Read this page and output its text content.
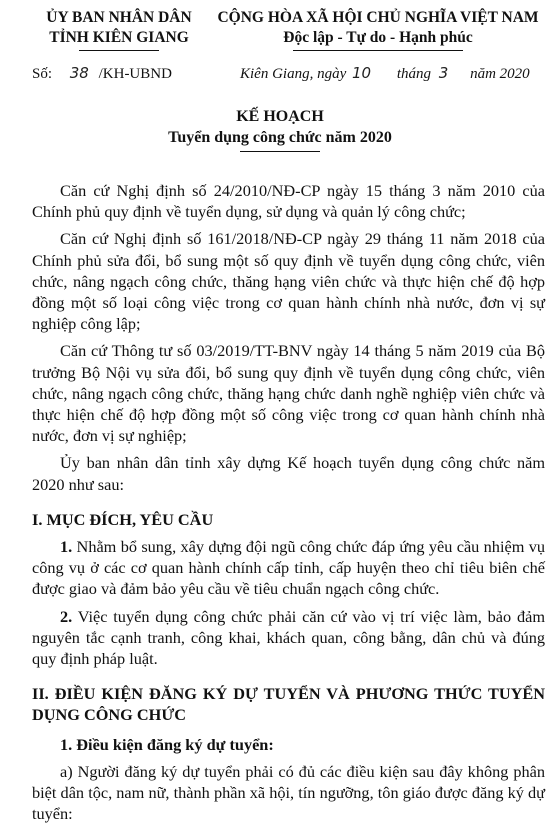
ỦY BAN NHÂN DÂN
TỈNH KIÊN GIANG
CỘNG HÒA XÃ HỘI CHỦ NGHĨA VIỆT NAM
Độc lập - Tự do - Hạnh phúc
Số: 38 /KH-UBND	Kiên Giang, ngày 10 tháng 3 năm 2020
KẾ HOẠCH
Tuyển dụng công chức năm 2020

Căn cứ Nghị định số 24/2010/NĐ-CP ngày 15 tháng 3 năm 2010 của Chính phủ quy định về tuyển dụng, sử dụng và quản lý công chức;

Căn cứ Nghị định số 161/2018/NĐ-CP ngày 29 tháng 11 năm 2018 của Chính phủ sửa đổi, bổ sung một số quy định về tuyển dụng công chức, viên chức, nâng ngạch công chức, thăng hạng viên chức và thực hiện chế độ hợp đồng một số loại công việc trong cơ quan hành chính nhà nước, đơn vị sự nghiệp công lập;

Căn cứ Thông tư số 03/2019/TT-BNV ngày 14 tháng 5 năm 2019 của Bộ trưởng Bộ Nội vụ sửa đổi, bổ sung quy định về tuyển dụng công chức, viên chức, nâng ngạch công chức, thăng hạng chức danh nghề nghiệp viên chức và thực hiện chế độ hợp đồng một số công việc trong cơ quan hành chính nhà nước, đơn vị sự nghiệp;

Ủy ban nhân dân tỉnh xây dựng Kế hoạch tuyển dụng công chức năm 2020 như sau:

I. MỤC ĐÍCH, YÊU CẦU

1. Nhằm bổ sung, xây dựng đội ngũ công chức đáp ứng yêu cầu nhiệm vụ công vụ ở các cơ quan hành chính cấp tỉnh, cấp huyện theo chỉ tiêu biên chế được giao và đảm bảo yêu cầu về tiêu chuẩn ngạch công chức.

2. Việc tuyển dụng công chức phải căn cứ vào vị trí việc làm, bảo đảm nguyên tắc cạnh tranh, công khai, khách quan, công bằng, dân chủ và đúng quy định pháp luật.

II. ĐIỀU KIỆN ĐĂNG KÝ DỰ TUYỂN VÀ PHƯƠNG THỨC TUYỂN DỤNG CÔNG CHỨC

1. Điều kiện đăng ký dự tuyển:

a) Người đăng ký dự tuyển phải có đủ các điều kiện sau đây không phân biệt dân tộc, nam nữ, thành phần xã hội, tín ngưỡng, tôn giáo được đăng ký dự tuyển:
